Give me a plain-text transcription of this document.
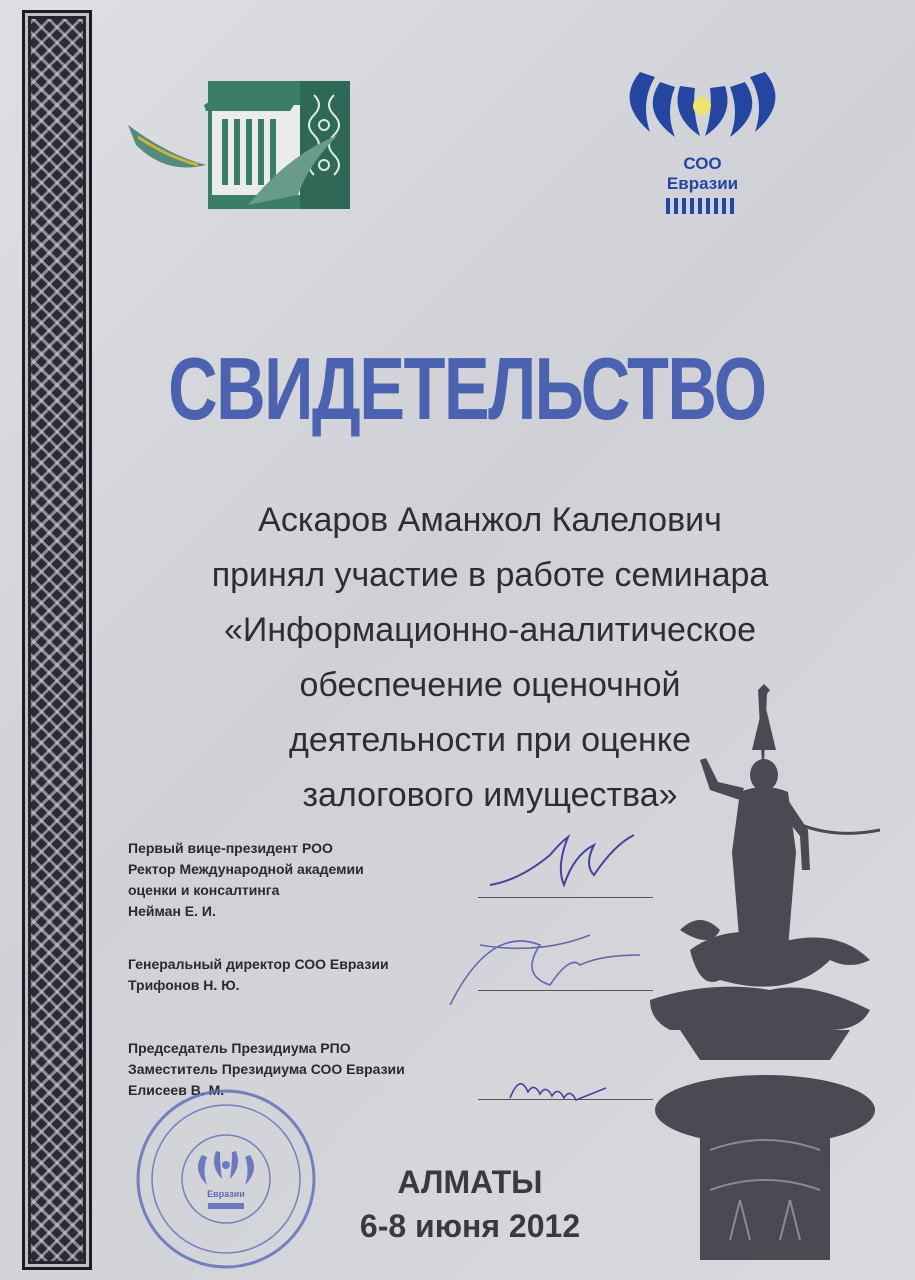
СОО
Евразии
СВИДЕТЕЛЬСТВО
Аскаров Аманжол Калелович
принял участие в работе семинара
«Информационно-аналитическое
обеспечение оценочной
деятельности при оценке
залогового имущества»
Первый вице-президент РОО
Ректор Международной академии
оценки и консалтинга
Нейман Е. И.
Генеральный директор СОО Евразии
Трифонов Н. Ю.
Председатель Президиума РПО
Заместитель Президиума СОО Евразии
Елисеев В. М.
Евразии	АЛМАТЫ
6-8 июня 2012
